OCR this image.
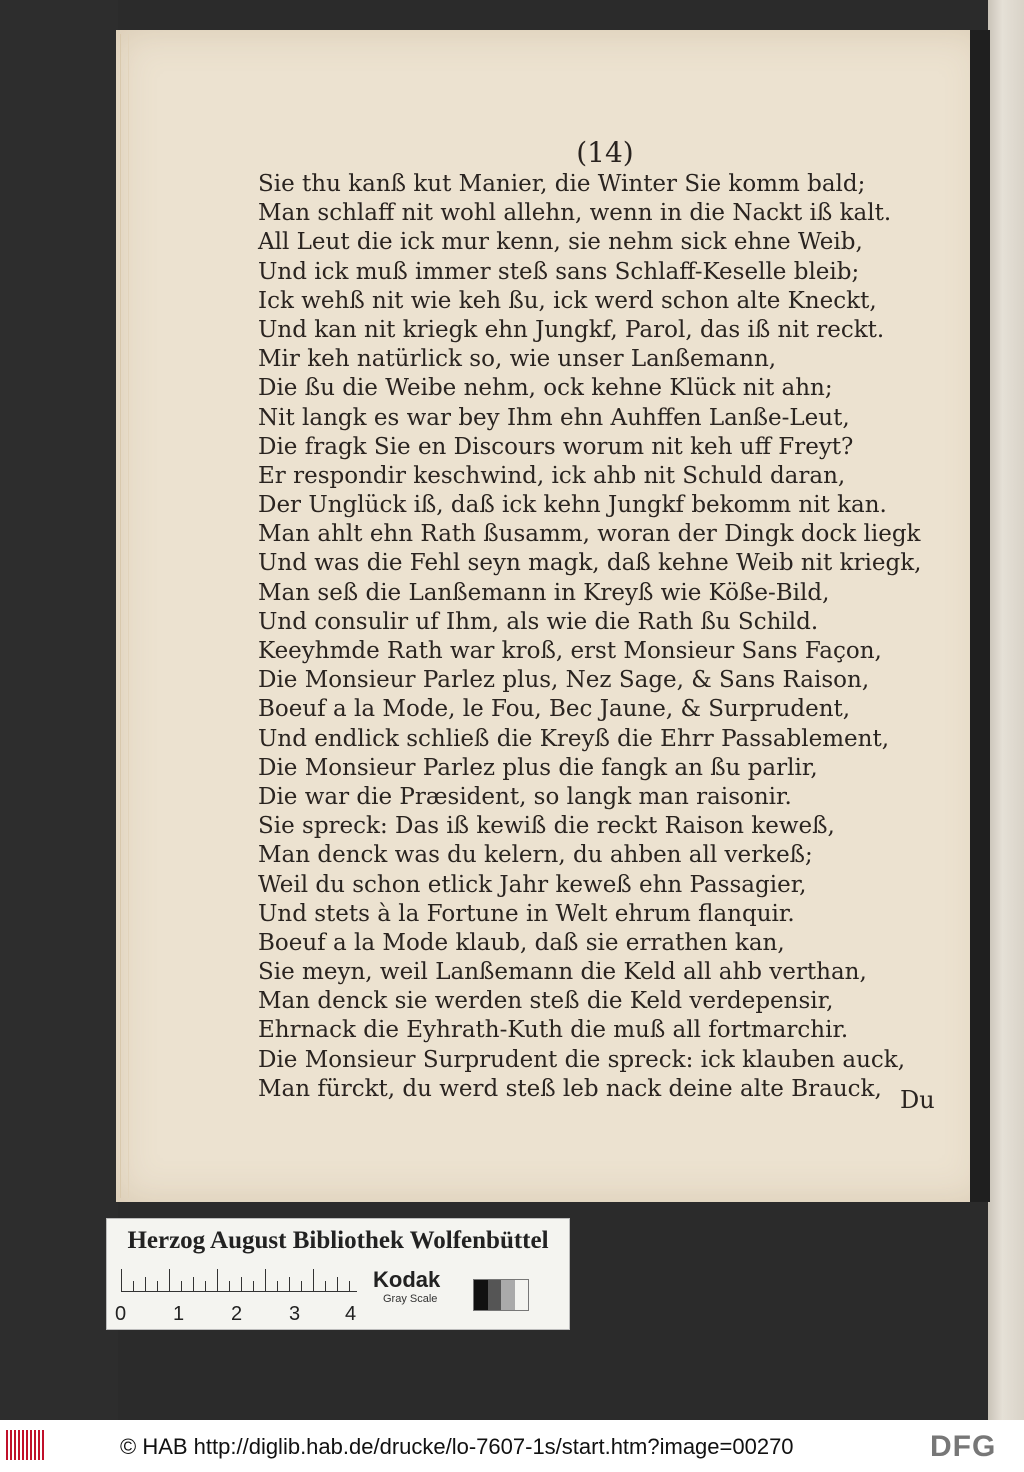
(14)
Sie thu kanß kut Manier, die Winter Sie komm bald;
Man schlaff nit wohl allehn, wenn in die Nackt iß kalt.
All Leut die ick mur kenn, sie nehm sick ehne Weib,
Und ick muß immer steß sans Schlaff-Keselle bleib;
Ick wehß nit wie keh ßu, ick werd schon alte Kneckt,
Und kan nit kriegk ehn Jungkf, Parol, das iß nit reckt.
Mir keh natürlick so, wie unser Lanßemann,
Die ßu die Weibe nehm, ock kehne Klück nit ahn;
Nit langk es war bey Ihm ehn Auhffen Lanße-Leut,
Die fragk Sie en Discours worum nit keh uff Freyt?
Er respondir keschwind, ick ahb nit Schuld daran,
Der Unglück iß, daß ick kehn Jungkf bekomm nit kan.
Man ahlt ehn Rath ßusamm, woran der Dingk dock liegk
Und was die Fehl seyn magk, daß kehne Weib nit kriegk,
Man seß die Lanßemann in Kreyß wie Köße-Bild,
Und consulir uf Ihm, als wie die Rath ßu Schild.
Keeyhmde Rath war kroß, erst Monsieur Sans Façon,
Die Monsieur Parlez plus, Nez Sage, & Sans Raison,
Boeuf a la Mode, le Fou, Bec Jaune, & Surprudent,
Und endlick schließ die Kreyß die Ehrr Passablement,
Die Monsieur Parlez plus die fangk an ßu parlir,
Die war die Præsident, so langk man raisonir.
Sie spreck: Das iß kewiß die reckt Raison keweß,
Man denck was du kelern, du ahben all verkeß;
Weil du schon etlick Jahr keweß ehn Passagier,
Und stets à la Fortune in Welt ehrum flanquir.
Boeuf a la Mode klaub, daß sie errathen kan,
Sie meyn, weil Lanßemann die Keld all ahb verthan,
Man denck sie werden steß die Keld verdepensir,
Ehrnack die Eyhrath-Kuth die muß all fortmarchir.
Die Monsieur Surprudent die spreck: ick klauben auck,
Man fürckt, du werd steß leb nack deine alte Brauck, Du
Herzog August Bibliothek Wolfenbüttel
0 1 2 3 4
Kodak
Gray Scale
© HAB http://diglib.hab.de/drucke/lo-7607-1s/start.htm?image=00270	DFG
